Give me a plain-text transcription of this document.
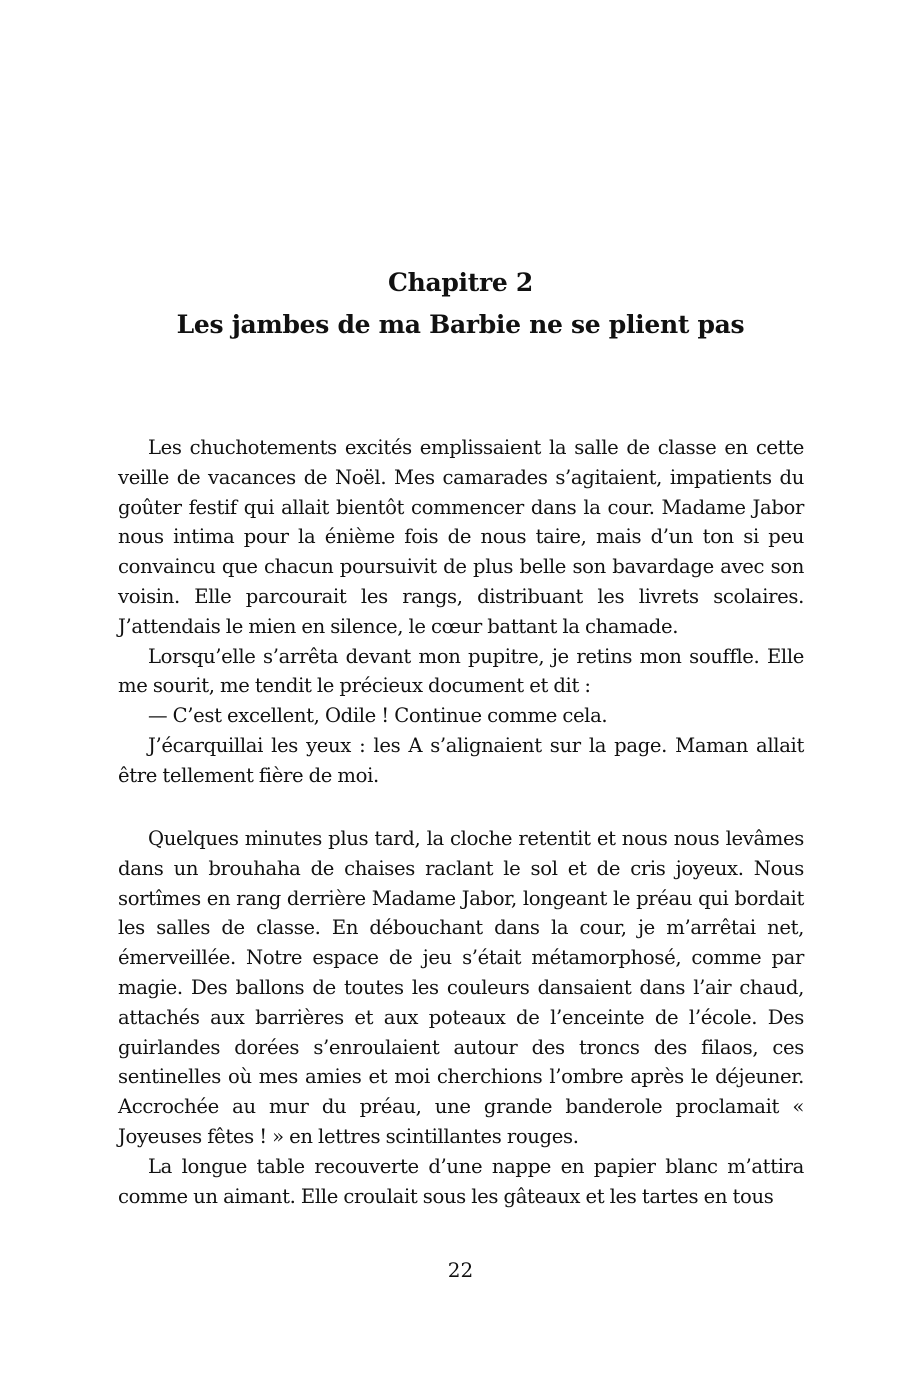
Chapitre 2
Les jambes de ma Barbie ne se plient pas

Les chuchotements excités emplissaient la salle de classe en cette veille de vacances de Noël. Mes camarades s’agitaient, impatients du goûter festif qui allait bientôt commencer dans la cour. Madame Jabor nous intima pour la énième fois de nous taire, mais d’un ton si peu convaincu que chacun poursuivit de plus belle son bavardage avec son voisin. Elle parcourait les rangs, distribuant les livrets scolaires. J’attendais le mien en silence, le cœur battant la chamade.

Lorsqu’elle s’arrêta devant mon pupitre, je retins mon souffle. Elle me sourit, me tendit le précieux document et dit :

— C’est excellent, Odile ! Continue comme cela.

J’écarquillai les yeux : les A s’alignaient sur la page. Maman allait être tellement fière de moi.

Quelques minutes plus tard, la cloche retentit et nous nous levâmes dans un brouhaha de chaises raclant le sol et de cris joyeux. Nous sortîmes en rang derrière Madame Jabor, longeant le préau qui bordait les salles de classe. En débouchant dans la cour, je m’arrêtai net, émerveillée. Notre espace de jeu s’était métamorphosé, comme par magie. Des ballons de toutes les couleurs dansaient dans l’air chaud, attachés aux barrières et aux poteaux de l’enceinte de l’école. Des guirlandes dorées s’enroulaient autour des troncs des filaos, ces sentinelles où mes amies et moi cherchions l’ombre après le déjeuner. Accrochée au mur du préau, une grande banderole proclamait « Joyeuses fêtes ! » en lettres scintillantes rouges.

La longue table recouverte d’une nappe en papier blanc m’attira comme un aimant. Elle croulait sous les gâteaux et les tartes en tous

22
